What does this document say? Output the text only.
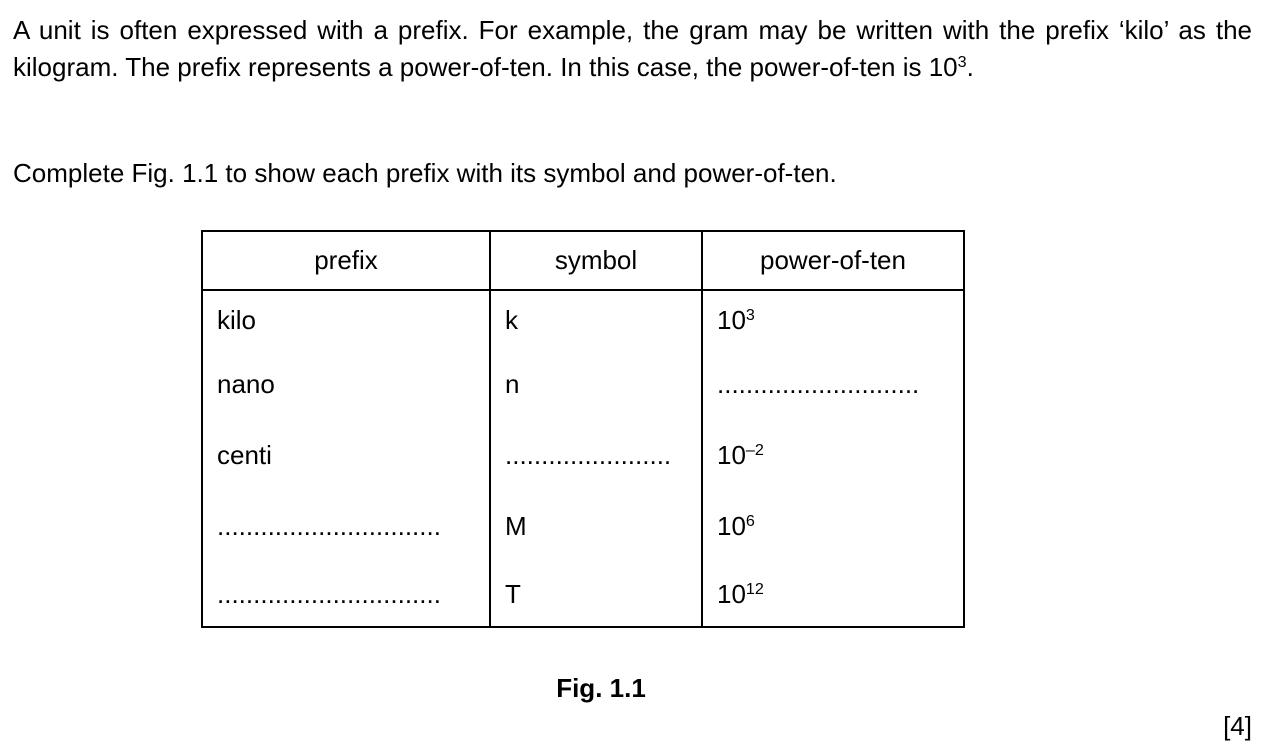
A unit is often expressed with a prefix. For example, the gram may be written with the prefix ‘kilo’ as the kilogram. The prefix represents a power-of-ten. In this case, the power-of-ten is $10^3$.
Complete Fig. 1.1 to show each prefix with its symbol and power-of-ten.
prefix	symbol	power-of-ten
kilo	k	$10^3$
nano	n	............................
centi	.......................	$10^{-2}$
...............................	M	$10^6$
...............................	T	$10^{12}$
Fig. 1.1
[4]
